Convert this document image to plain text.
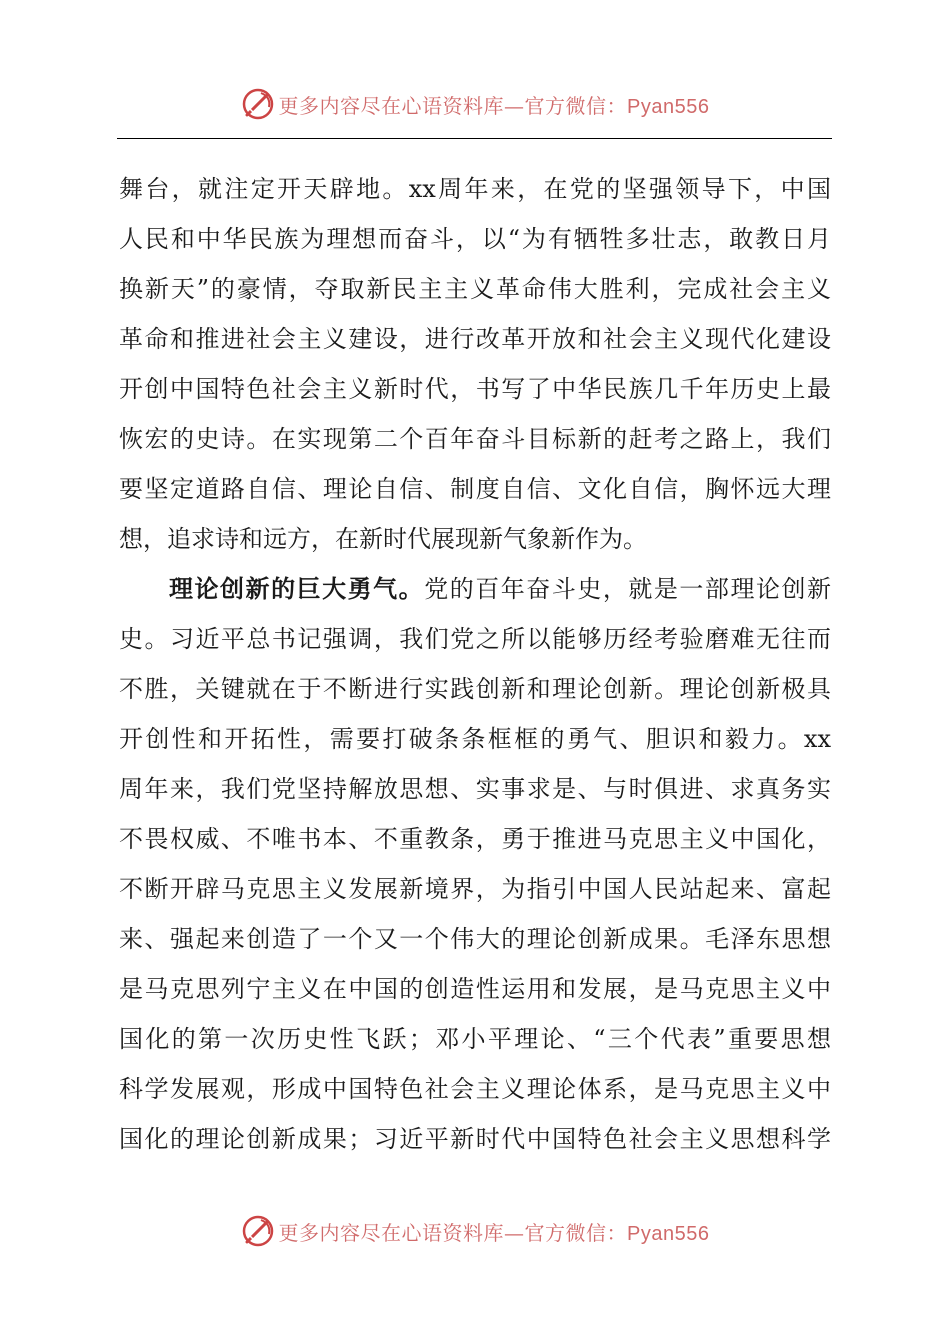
更多内容尽在心语资料库—官方微信：Pyan556
舞台，就注定开天辟地。xx周年来，在党的坚强领导下，中国
人民和中华民族为理想而奋斗，以“为有牺牲多壮志，敢教日月
换新天”的豪情，夺取新民主主义革命伟大胜利，完成社会主义
革命和推进社会主义建设，进行改革开放和社会主义现代化建设
开创中国特色社会主义新时代，书写了中华民族几千年历史上最
恢宏的史诗。在实现第二个百年奋斗目标新的赶考之路上，我们
要坚定道路自信、理论自信、制度自信、文化自信，胸怀远大理
想，追求诗和远方，在新时代展现新气象新作为。
理论创新的巨大勇气。党的百年奋斗史，就是一部理论创新
史。习近平总书记强调，我们党之所以能够历经考验磨难无往而
不胜，关键就在于不断进行实践创新和理论创新。理论创新极具
开创性和开拓性，需要打破条条框框的勇气、胆识和毅力。xx
周年来，我们党坚持解放思想、实事求是、与时俱进、求真务实
不畏权威、不唯书本、不重教条，勇于推进马克思主义中国化，
不断开辟马克思主义发展新境界，为指引中国人民站起来、富起
来、强起来创造了一个又一个伟大的理论创新成果。毛泽东思想
是马克思列宁主义在中国的创造性运用和发展，是马克思主义中
国化的第一次历史性飞跃；邓小平理论、“三个代表”重要思想
科学发展观，形成中国特色社会主义理论体系，是马克思主义中
国化的理论创新成果；习近平新时代中国特色社会主义思想科学
更多内容尽在心语资料库—官方微信：Pyan556
